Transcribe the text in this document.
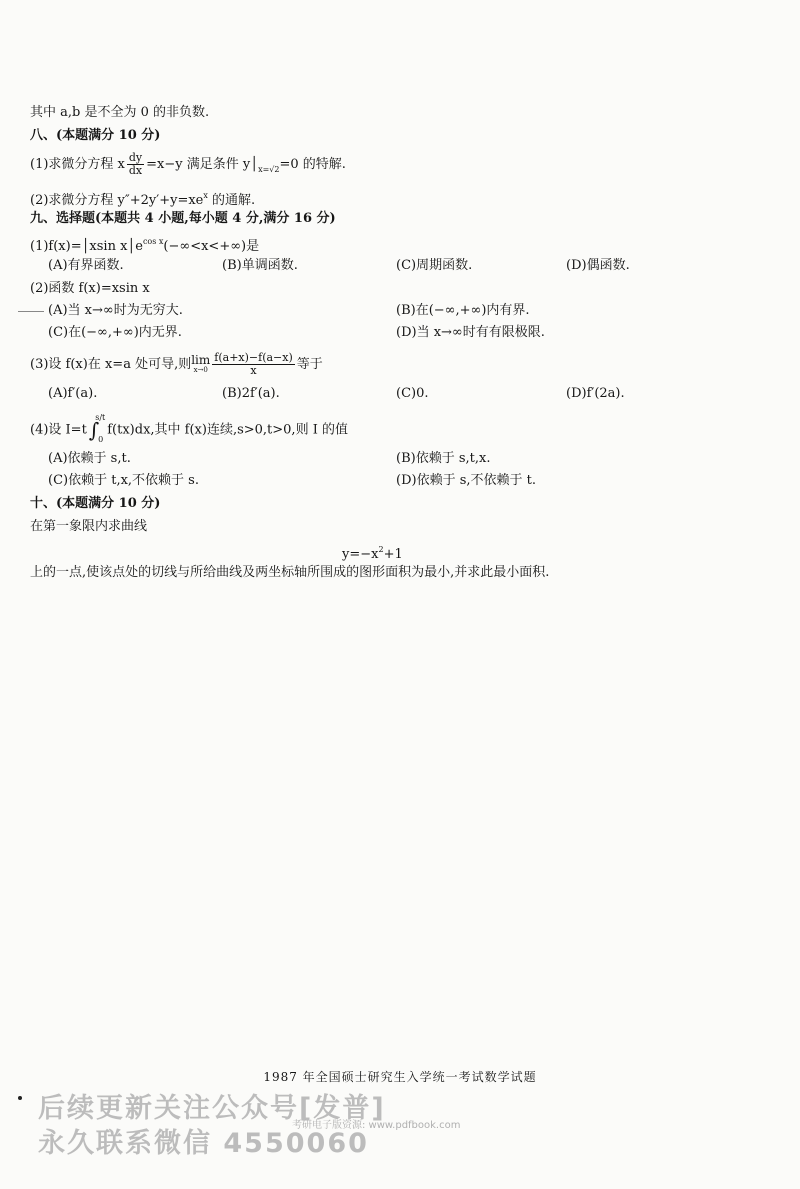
其中 a,b 是不全为 0 的非负数.
八、(本题满分 10 分)
(1)求微分方程 x $\frac{dy}{dx} =x-y$ 满足条件 $y│_{x=√2}=0$ 的特解.
(2)求微分方程 $y''+2y'+y=xe^x$ 的通解.
九、选择题(本题共 4 小题,每小题 4 分,满分 16 分)
(1)f(x)=│xsin $x│e^{cos x}(-\infty<x<+\infty)$是
(A)有界函数.	(B)单调函数.	(C)周期函数.	(D)偶函数.
(2)函数 f(x)=xsin x
(A)当 x→∞时为无穷大.	(B)在(−∞,+∞)内有界.
(C)在(−∞,+∞)内无界.	(D)当 x→∞时有有限极限.
(3)设 f(x)在 x=a 处可导,则lim
$x\to 0 \frac{f(a+x)-f(a-x)}{x}$ 等于
(A)f′(a).	(B)2f′(a).	(C)0.	(D)f′(2a).
(4)设 I=t ∫
s/t
0
f(tx)dx,其中 f(x)连续,s>0,t>0,则 I 的值
(A)依赖于 s,t.	(B)依赖于 s,t,x.
(C)依赖于 t,x,不依赖于 s.	(D)依赖于 s,不依赖于 t.
十、(本题满分 10 分)
在第一象限内求曲线
$y=-x^2+1$
上的一点,使该点处的切线与所给曲线及两坐标轴所围成的图形面积为最小,并求此最小面积.
1987 年全国硕士研究生入学统一考试数学试题
后续更新关注公众号[发普]
考研电子版资源: www.pdfbook.com
永久联系微信 4550060
